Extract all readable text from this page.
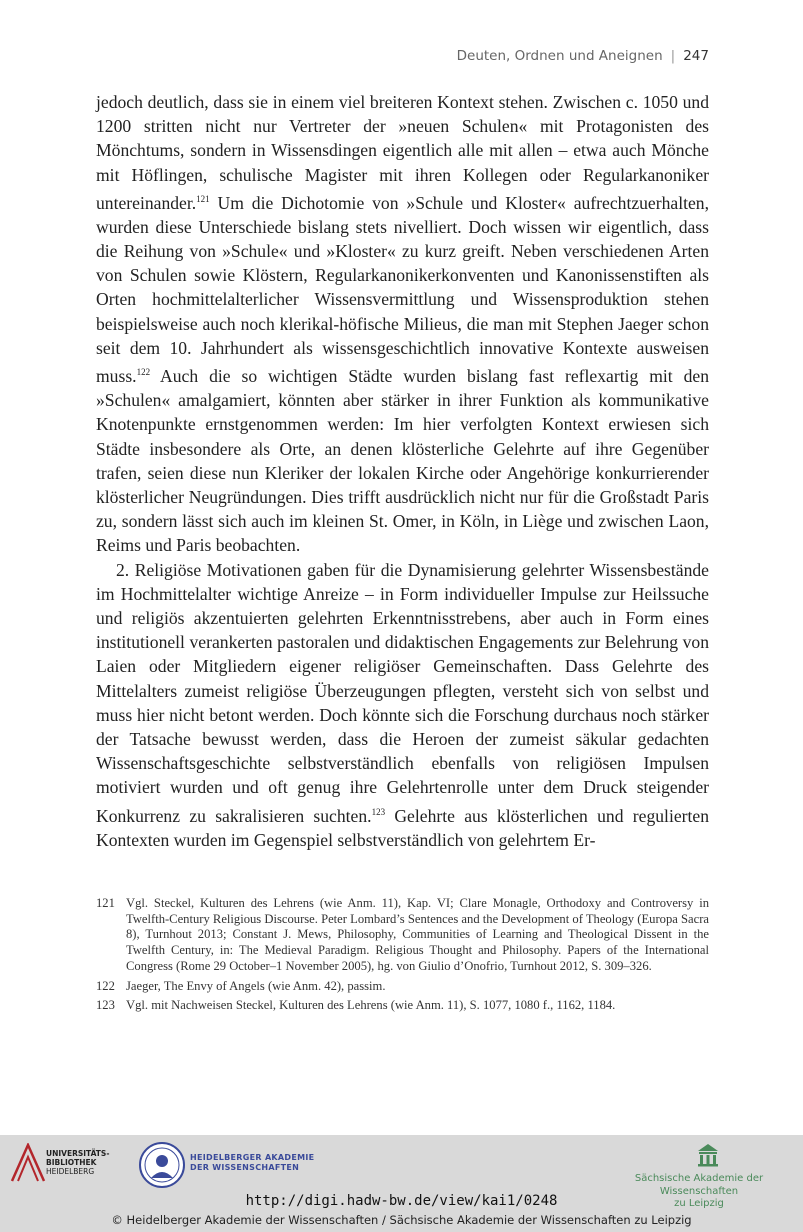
Deuten, Ordnen und Aneignen | 247

jedoch deutlich, dass sie in einem viel breiteren Kontext stehen. Zwischen c. 1050 und 1200 stritten nicht nur Vertreter der »neuen Schulen« mit Protagonisten des Mönchtums, sondern in Wissensdingen eigentlich alle mit allen – etwa auch Mönche mit Höflingen, schulische Magister mit ihren Kollegen oder Regularkanoniker untereinander.$^{121}$ Um die Dichotomie von »Schule und Kloster« aufrechtzuerhalten, wurden diese Unterschiede bislang stets nivelliert. Doch wissen wir eigentlich, dass die Reihung von »Schule« und »Kloster« zu kurz greift. Neben verschiedenen Arten von Schulen sowie Klöstern, Regularkanonikerkonventen und Kanonissenstiften als Orten hochmittelalterlicher Wissensvermittlung und Wissensproduktion stehen beispielsweise auch noch klerikal-höfische Milieus, die man mit Stephen Jaeger schon seit dem 10. Jahrhundert als wissensgeschichtlich innovative Kontexte ausweisen muss.$^{122}$ Auch die so wichtigen Städte wurden bislang fast reflexartig mit den »Schulen« amalgamiert, könnten aber stärker in ihrer Funktion als kommunikative Knotenpunkte ernstgenommen werden: Im hier verfolgten Kontext erwiesen sich Städte insbesondere als Orte, an denen klösterliche Gelehrte auf ihre Gegenüber trafen, seien diese nun Kleriker der lokalen Kirche oder Angehörige konkurrierender klösterlicher Neugründungen. Dies trifft ausdrücklich nicht nur für die Großstadt Paris zu, sondern lässt sich auch im kleinen St. Omer, in Köln, in Liège und zwischen Laon, Reims und Paris beobachten.

2. Religiöse Motivationen gaben für die Dynamisierung gelehrter Wissensbestände im Hochmittelalter wichtige Anreize – in Form individueller Impulse zur Heilssuche und religiös akzentuierten gelehrten Erkenntnisstrebens, aber auch in Form eines institutionell verankerten pastoralen und didaktischen Engagements zur Belehrung von Laien oder Mitgliedern eigener religiöser Gemeinschaften. Dass Gelehrte des Mittelalters zumeist religiöse Überzeugungen pflegten, versteht sich von selbst und muss hier nicht betont werden. Doch könnte sich die Forschung durchaus noch stärker der Tatsache bewusst werden, dass die Heroen der zumeist säkular gedachten Wissenschaftsgeschichte selbstverständlich ebenfalls von religiösen Impulsen motiviert wurden und oft genug ihre Gelehrtenrolle unter dem Druck steigender Konkurrenz zu sakralisieren suchten.$^{123}$ Gelehrte aus klösterlichen und regulierten Kontexten wurden im Gegenspiel selbstverständlich von gelehrtem Er-

121 Vgl. Steckel, Kulturen des Lehrens (wie Anm. 11), Kap. VI; Clare Monagle, Orthodoxy and Controversy in Twelfth-Century Religious Discourse. Peter Lombard’s Sentences and the Development of Theology (Europa Sacra 8), Turnhout 2013; Constant J. Mews, Philosophy, Communities of Learning and Theological Dissent in the Twelfth Century, in: The Medieval Paradigm. Religious Thought and Philosophy. Papers of the International Congress (Rome 29 October–1 November 2005), hg. von Giulio d’Onofrio, Turnhout 2012, S. 309–326.
122 Jaeger, The Envy of Angels (wie Anm. 42), passim.
123 Vgl. mit Nachweisen Steckel, Kulturen des Lehrens (wie Anm. 11), S. 1077, 1080 f., 1162, 1184.
UNIVERSITÄTS-
BIBLIOTHEK
HEIDELBERG
HEIDELBERGER AKADEMIE
DER WISSENSCHAFTEN
Sächsische Akademie der Wissenschaften
zu Leipzig
http://digi.hadw-bw.de/view/kai1/0248
© Heidelberger Akademie der Wissenschaften / Sächsische Akademie der Wissenschaften zu Leipzig
